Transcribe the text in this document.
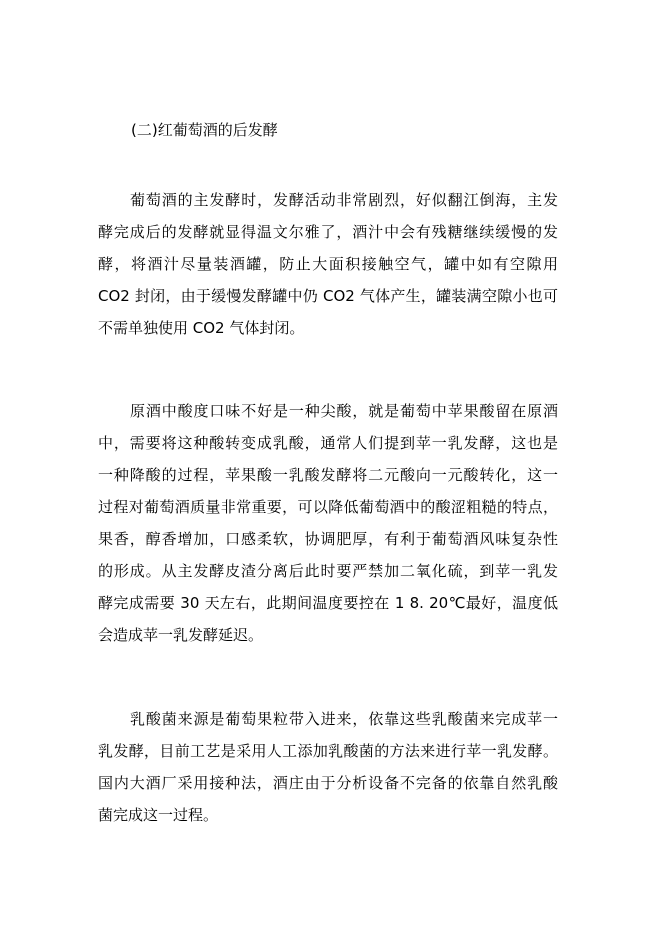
(二)红葡萄酒的后发酵
葡萄酒的主发酵时，发酵活动非常剧烈，好似翻江倒海，主发
酵完成后的发酵就显得温文尔雅了，酒汁中会有残糖继续缓慢的发
酵，将酒汁尽量装酒罐，防止大面积接触空气，罐中如有空隙用
CO2 封闭，由于缓慢发酵罐中仍 CO2 气体产生，罐装满空隙小也可
不需单独使用 CO2 气体封闭。
原酒中酸度口味不好是一种尖酸，就是葡萄中苹果酸留在原酒
中，需要将这种酸转变成乳酸，通常人们提到苹一乳发酵，这也是
一种降酸的过程，苹果酸一乳酸发酵将二元酸向一元酸转化，这一
过程对葡萄酒质量非常重要，可以降低葡萄酒中的酸涩粗糙的特点，
果香，醇香增加，口感柔软，协调肥厚，有利于葡萄酒风味复杂性
的形成。从主发酵皮渣分离后此时要严禁加二氧化硫，到苹一乳发
酵完成需要 30 天左右，此期间温度要控在 1 8. 20℃最好，温度低
会造成苹一乳发酵延迟。
乳酸菌来源是葡萄果粒带入进来，依靠这些乳酸菌来完成苹一
乳发酵，目前工艺是采用人工添加乳酸菌的方法来进行苹一乳发酵。
国内大酒厂采用接种法，酒庄由于分析设备不完备的依靠自然乳酸
菌完成这一过程。
